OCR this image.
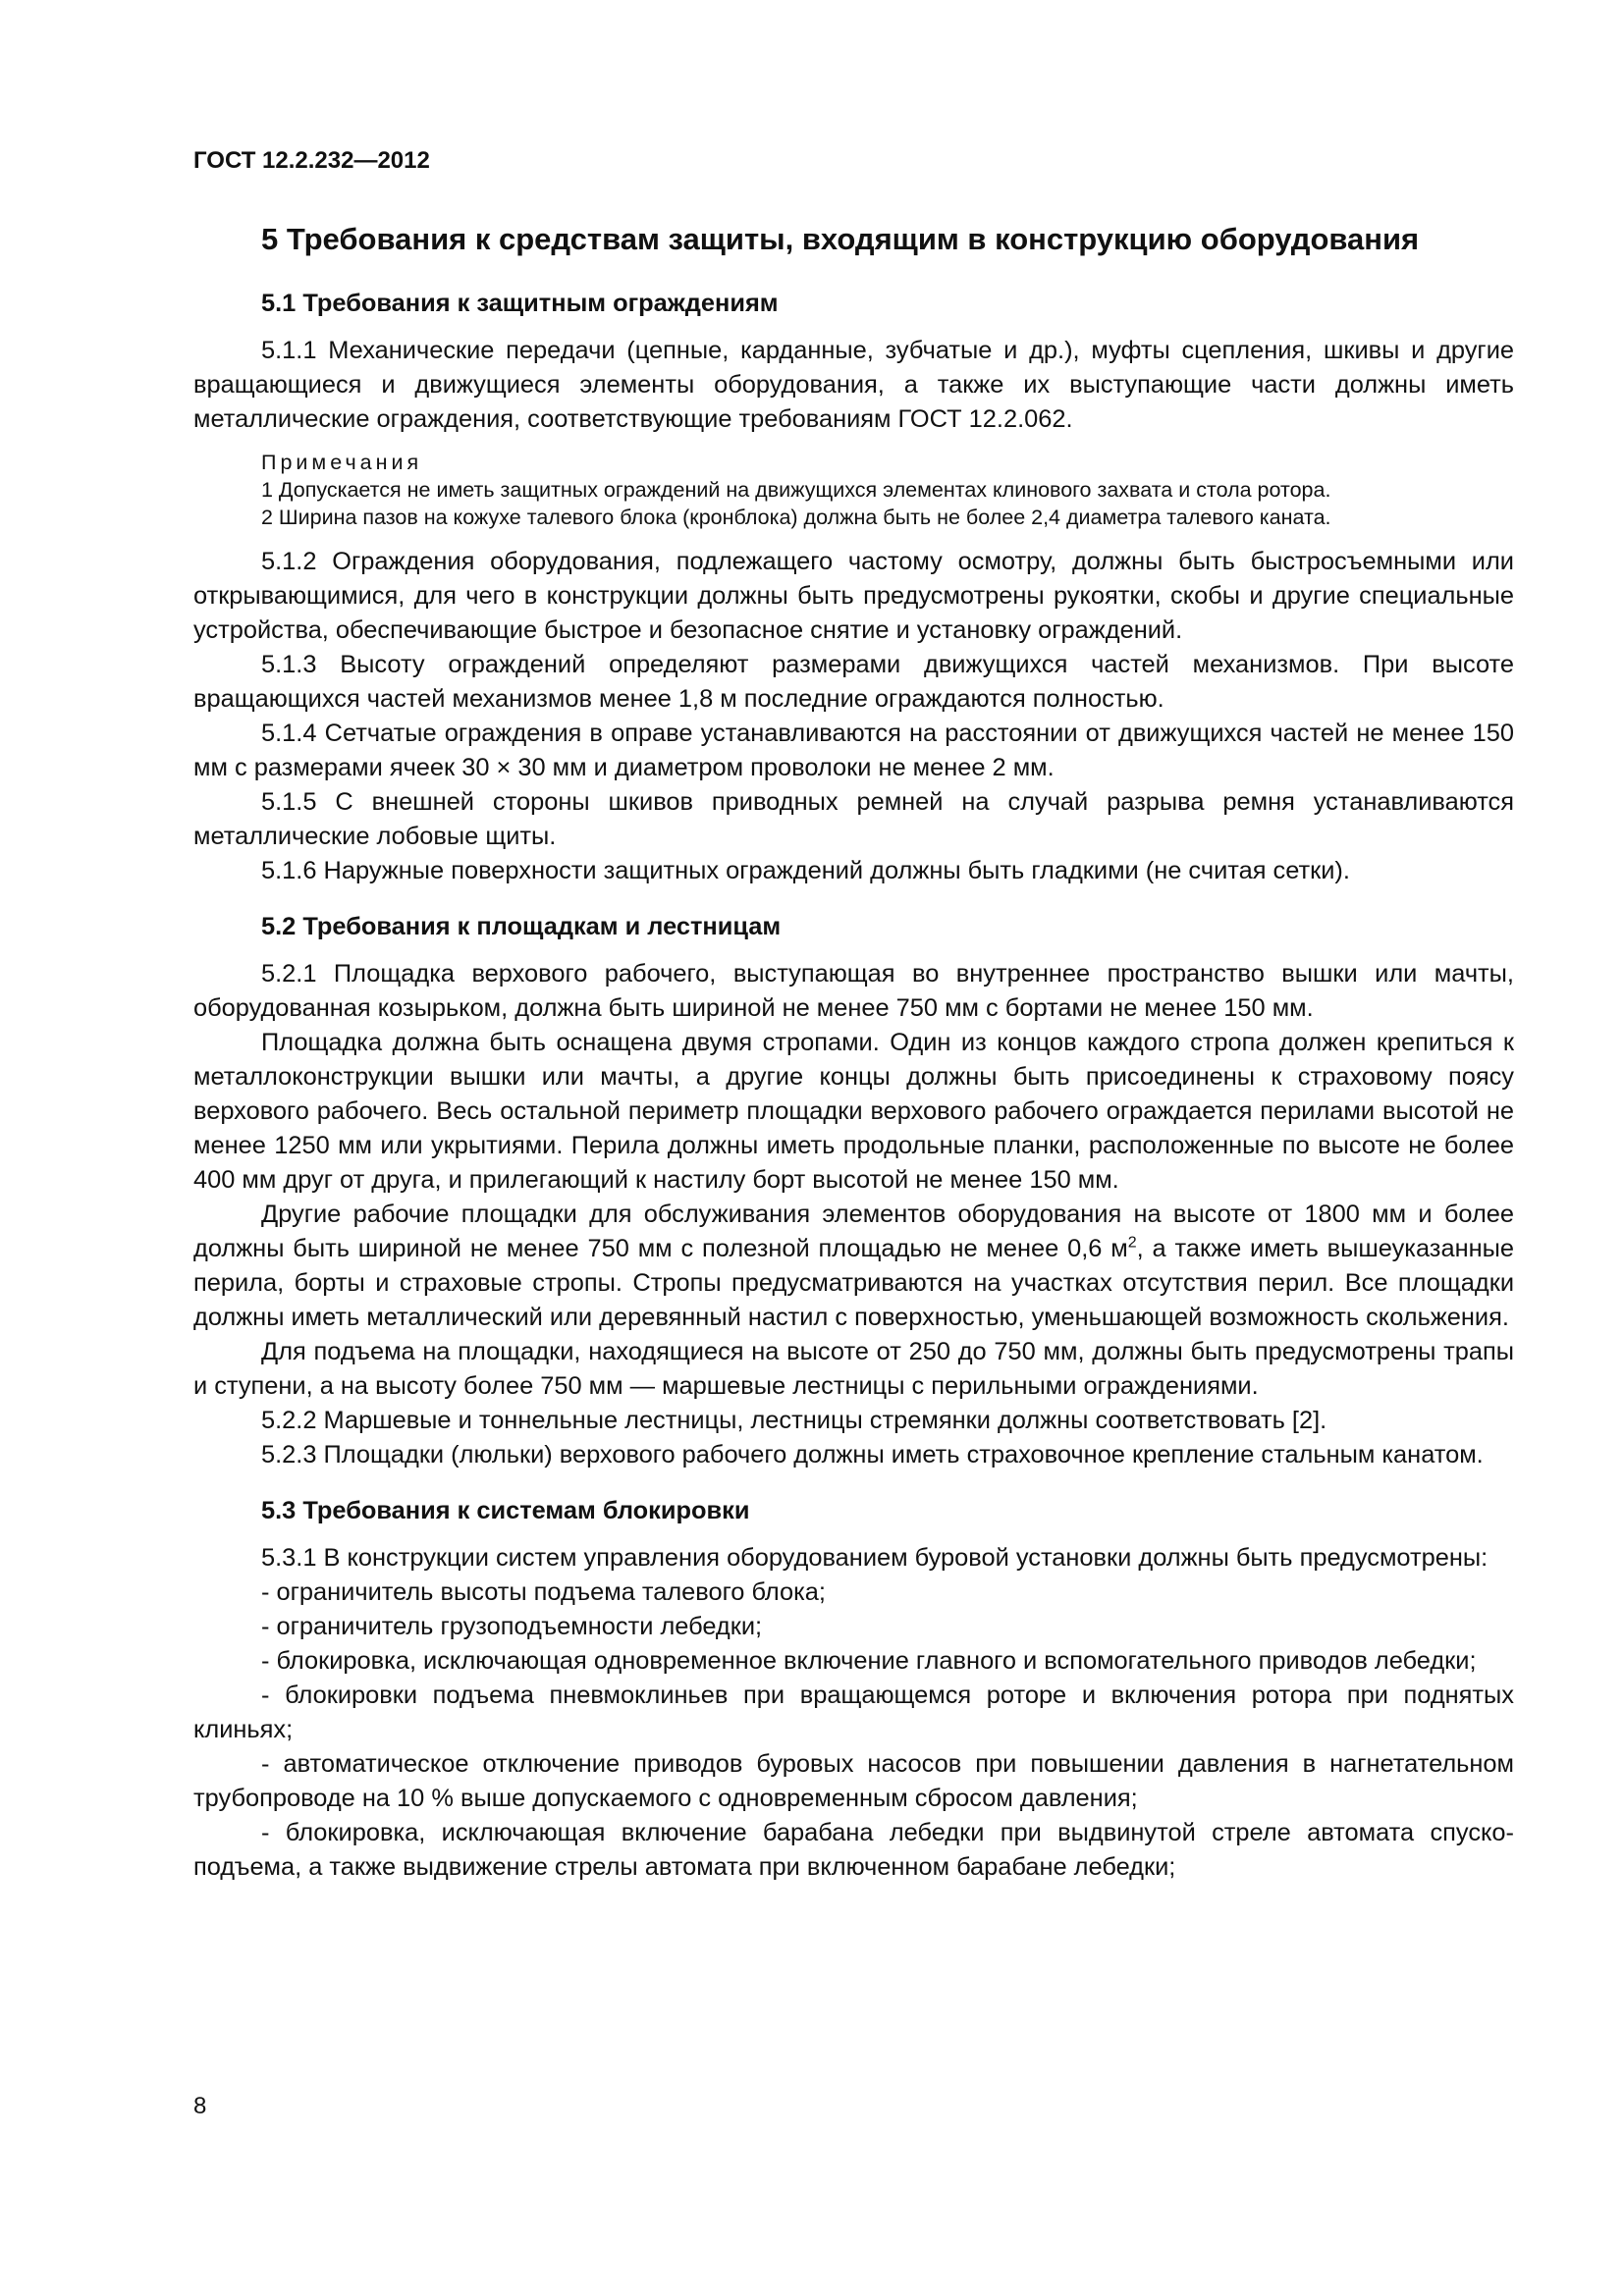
ГОСТ 12.2.232—2012
5 Требования к средствам защиты, входящим в конструкцию оборудования
5.1 Требования к защитным ограждениям

5.1.1 Механические передачи (цепные, карданные, зубчатые и др.), муфты сцепления, шкивы и другие вращающиеся и движущиеся элементы оборудования, а также их выступающие части должны иметь металлические ограждения, соответствующие требованиям ГОСТ 12.2.062.

Примечания
1 Допускается не иметь защитных ограждений на движущихся элементах клинового захвата и стола ротора.
2 Ширина пазов на кожухе талевого блока (кронблока) должна быть не более 2,4 диаметра талевого каната.

5.1.2 Ограждения оборудования, подлежащего частому осмотру, должны быть быстросъемными или открывающимися, для чего в конструкции должны быть предусмотрены рукоятки, скобы и другие специальные устройства, обеспечивающие быстрое и безопасное снятие и установку ограждений.

5.1.3 Высоту ограждений определяют размерами движущихся частей механизмов. При высоте вращающихся частей механизмов менее 1,8 м последние ограждаются полностью.

5.1.4 Сетчатые ограждения в оправе устанавливаются на расстоянии от движущихся частей не менее 150 мм с размерами ячеек 30 × 30 мм и диаметром проволоки не менее 2 мм.

5.1.5 С внешней стороны шкивов приводных ремней на случай разрыва ремня устанавливаются металлические лобовые щиты.

5.1.6 Наружные поверхности защитных ограждений должны быть гладкими (не считая сетки).

5.2 Требования к площадкам и лестницам

5.2.1 Площадка верхового рабочего, выступающая во внутреннее пространство вышки или мачты, оборудованная козырьком, должна быть шириной не менее 750 мм с бортами не менее 150 мм.

Площадка должна быть оснащена двумя стропами. Один из концов каждого стропа должен крепиться к металлоконструкции вышки или мачты, а другие концы должны быть присоединены к страховому поясу верхового рабочего. Весь остальной периметр площадки верхового рабочего ограждается перилами высотой не менее 1250 мм или укрытиями. Перила должны иметь продольные планки, расположенные по высоте не более 400 мм друг от друга, и прилегающий к настилу борт высотой не менее 150 мм.

Другие рабочие площадки для обслуживания элементов оборудования на высоте от 1800 мм и более должны быть шириной не менее 750 мм с полезной площадью не менее 0,6 $м^2$, а также иметь вышеуказанные перила, борты и страховые стропы. Стропы предусматриваются на участках отсутствия перил. Все площадки должны иметь металлический или деревянный настил с поверхностью, уменьшающей возможность скольжения.

Для подъема на площадки, находящиеся на высоте от 250 до 750 мм, должны быть предусмотрены трапы и ступени, а на высоту более 750 мм — маршевые лестницы с перильными ограждениями.

5.2.2 Маршевые и тоннельные лестницы, лестницы стремянки должны соответствовать [2].

5.2.3 Площадки (люльки) верхового рабочего должны иметь страховочное крепление стальным канатом.

5.3 Требования к системам блокировки

5.3.1 В конструкции систем управления оборудованием буровой установки должны быть предусмотрены:

- ограничитель высоты подъема талевого блока;

- ограничитель грузоподъемности лебедки;

- блокировка, исключающая одновременное включение главного и вспомогательного приводов лебедки;

- блокировки подъема пневмоклиньев при вращающемся роторе и включения ротора при поднятых клиньях;

- автоматическое отключение приводов буровых насосов при повышении давления в нагнетательном трубопроводе на 10 % выше допускаемого с одновременным сбросом давления;

- блокировка, исключающая включение барабана лебедки при выдвинутой стреле автомата спуско-подъема, а также выдвижение стрелы автомата при включенном барабане лебедки;

8
